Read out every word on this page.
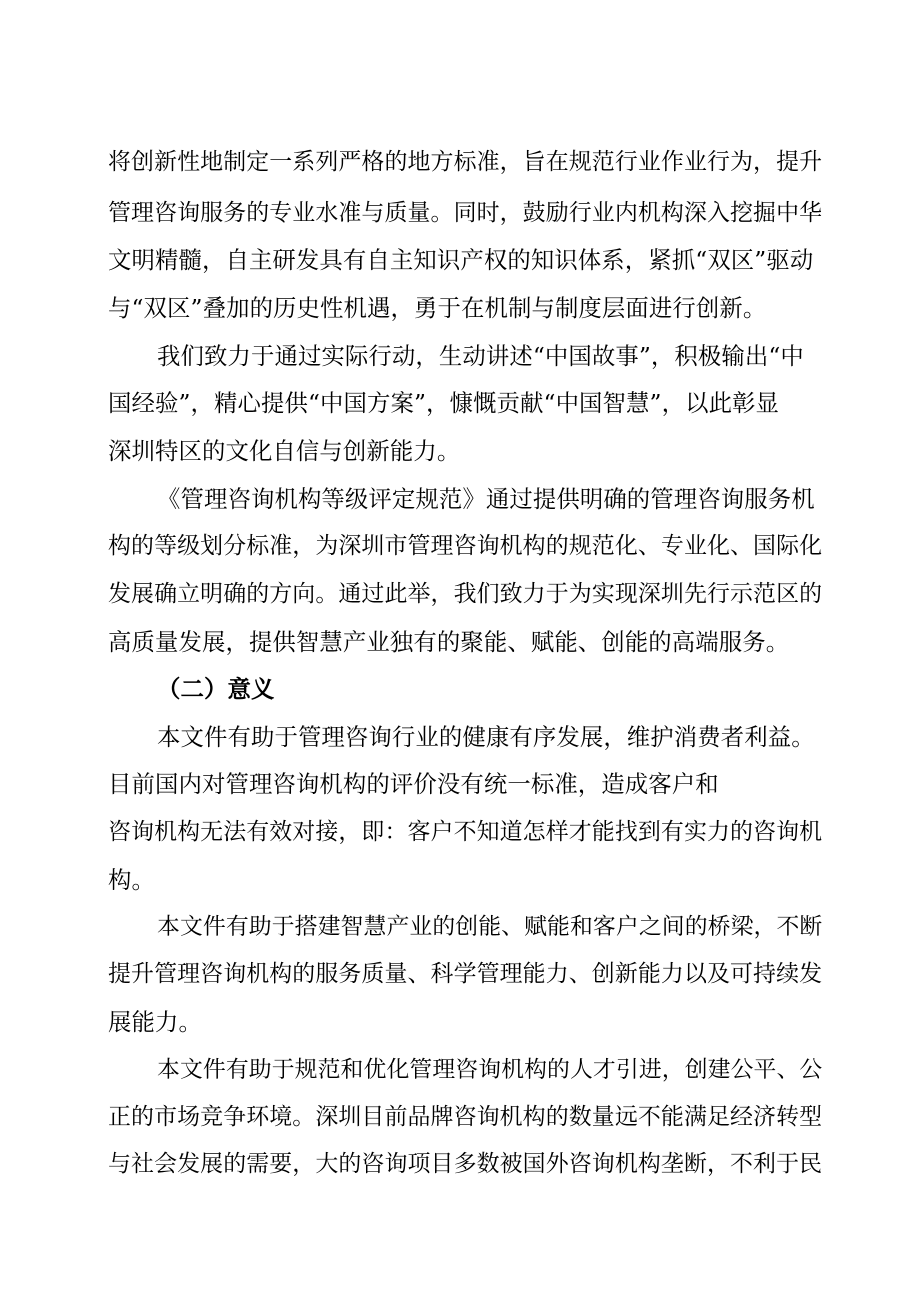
将创新性地制定一系列严格的地方标准，旨在规范行业作业行为，提升
管理咨询服务的专业水准与质量。同时，鼓励行业内机构深入挖掘中华
文明精髓，自主研发具有自主知识产权的知识体系，紧抓“双区”驱动
与“双区”叠加的历史性机遇，勇于在机制与制度层面进行创新。
我们致力于通过实际行动，生动讲述“中国故事”，积极输出“中
国经验”，精心提供“中国方案”，慷慨贡献“中国智慧”，以此彰显
深圳特区的文化自信与创新能力。
《管理咨询机构等级评定规范》通过提供明确的管理咨询服务机
构的等级划分标准，为深圳市管理咨询机构的规范化、专业化、国际化
发展确立明确的方向。通过此举，我们致力于为实现深圳先行示范区的
高质量发展，提供智慧产业独有的聚能、赋能、创能的高端服务。
（二）意义
本文件有助于管理咨询行业的健康有序发展，维护消费者利益。
目前国内对管理咨询机构的评价没有统一标准，造成客户和
咨询机构无法有效对接，即：客户不知道怎样才能找到有实力的咨询机
构。
本文件有助于搭建智慧产业的创能、赋能和客户之间的桥梁，不断
提升管理咨询机构的服务质量、科学管理能力、创新能力以及可持续发
展能力。
本文件有助于规范和优化管理咨询机构的人才引进，创建公平、公
正的市场竞争环境。深圳目前品牌咨询机构的数量远不能满足经济转型
与社会发展的需要，大的咨询项目多数被国外咨询机构垄断，不利于民
